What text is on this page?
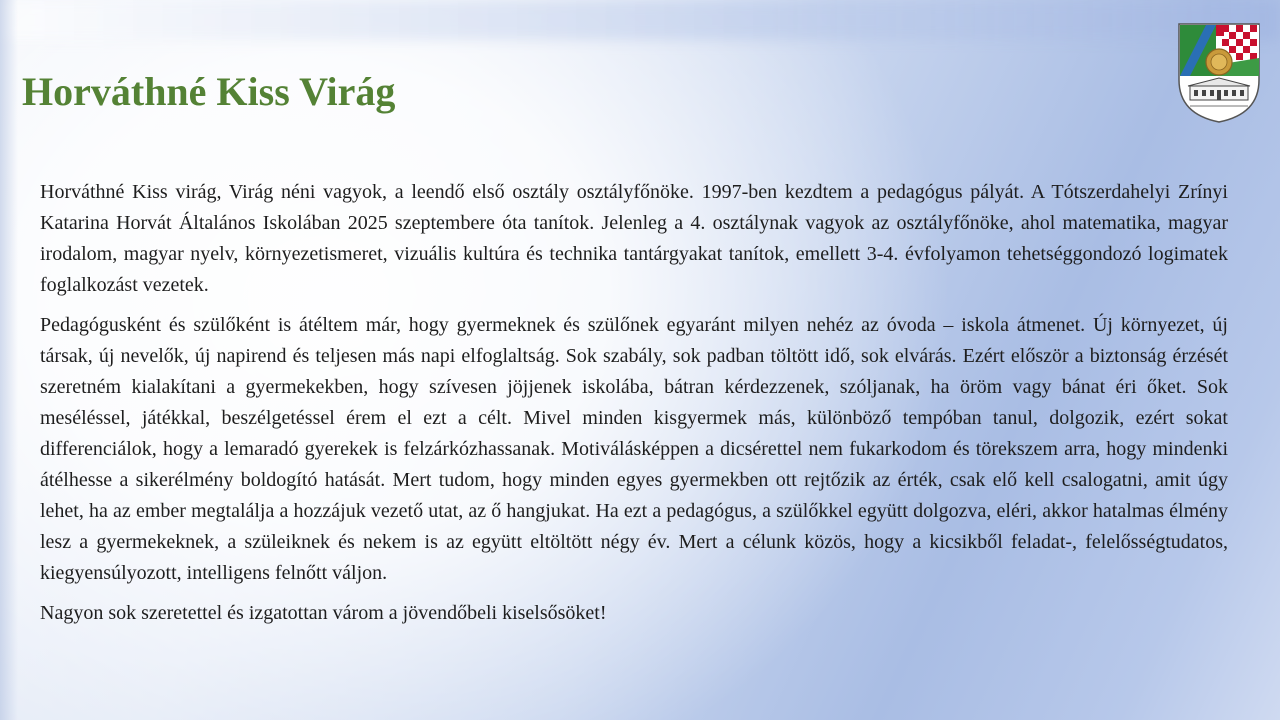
Horváthné Kiss Virág

Horváthné Kiss virág, Virág néni vagyok, a leendő első osztály osztályfőnöke. 1997-ben kezdtem a pedagógus pályát. A Tótszerdahelyi Zrínyi Katarina Horvát Általános Iskolában 2025 szeptembere óta tanítok. Jelenleg a 4. osztálynak vagyok az osztályfőnöke, ahol matematika, magyar irodalom, magyar nyelv, környezetismeret, vizuális kultúra és technika tantárgyakat tanítok, emellett 3-4. évfolyamon tehetséggondozó logimatek foglalkozást vezetek.

Pedagógusként és szülőként is átéltem már, hogy gyermeknek és szülőnek egyaránt milyen nehéz az óvoda – iskola átmenet. Új környezet, új társak, új nevelők, új napirend és teljesen más napi elfoglaltság. Sok szabály, sok padban töltött idő, sok elvárás. Ezért először a biztonság érzését szeretném kialakítani a gyermekekben, hogy szívesen jöjjenek iskolába, bátran kérdezzenek, szóljanak, ha öröm vagy bánat éri őket. Sok meséléssel, játékkal, beszélgetéssel érem el ezt a célt. Mivel minden kisgyermek más, különböző tempóban tanul, dolgozik, ezért sokat differenciálok, hogy a lemaradó gyerekek is felzárkózhassanak. Motiválásképpen a dicsérettel nem fukarkodom és törekszem arra, hogy mindenki átélhesse a sikerélmény boldogító hatását. Mert tudom, hogy minden egyes gyermekben ott rejtőzik az érték, csak elő kell csalogatni, amit úgy lehet, ha az ember megtalálja a hozzájuk vezető utat, az ő hangjukat. Ha ezt a pedagógus, a szülőkkel együtt dolgozva, eléri, akkor hatalmas élmény lesz a gyermekeknek, a szüleiknek és nekem is az együtt eltöltött négy év. Mert a célunk közös, hogy a kicsikből feladat-, felelősségtudatos, kiegyensúlyozott, intelligens felnőtt váljon.

Nagyon sok szeretettel és izgatottan várom a jövendőbeli kiselsősöket!
